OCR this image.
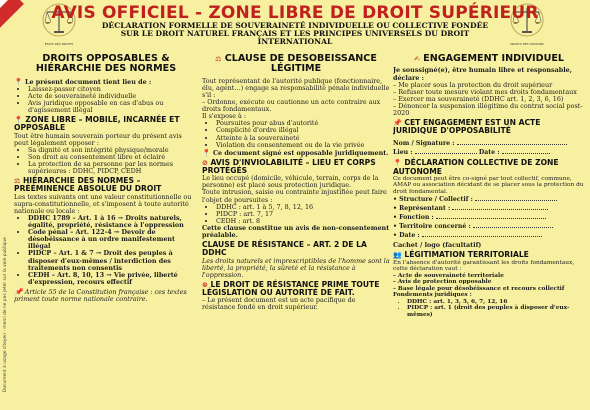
ÉTATS DES DROITS	DROITS DES HUMAINS
Document à usage citoyen - merci de ne pas jeter sur la voie publique
AVIS OFFICIEL - ZONE LIBRE DE DROIT SUPÉRIEUR
DÉCLARATION FORMELLE DE SOUVERAINETÉ INDIVIDUELLE OU COLLECTIVE FONDÉE SUR LE DROIT NATUREL FRANÇAIS ET LES PRINCIPES UNIVERSELS DU DROIT INTERNATIONAL
DROITS OPPOSABLES & HIÉRARCHIE DES NORMES

📍 Le présent document tient lieu de :

• Laissez-passer citoyen
• Acte de souveraineté individuelle
• Avis juridique opposable en cas d'abus ou d'agissement illégal
📍 ZONE LIBRE – MOBILE, INCARNÉE ET OPPOSABLE

Tout être humain souverain porteur du présent avis peut légalement opposer :

• Sa dignité et son intégrité physique/morale
• Son droit au consentement libre et éclairé
• La protection de sa personne par les normes supérieures : DDHC, PIDCP, CEDH
⚖ HIÉRARCHIE DES NORMES – PRÉÉMINENCE ABSOLUE DU DROIT

Les textes suivants ont une valeur constitutionnelle ou supra-constitutionnelle, et s'imposent à toute autorité nationale ou locale :

• DDHC 1789 – Art. 1 à 16 → Droits naturels, égalité, propriété, résistance à l'oppression
• Code pénal – Art. 122-4 → Devoir de désobéissance à un ordre manifestement illégal
• PIDCP – Art. 1 & 7 → Droit des peuples à disposer d'eux-mêmes / interdiction des traitements non consentis
• CEDH – Art. 8, 10, 13 → Vie privée, liberté d'expression, recours effectif

📌 Article 55 de la Constitution française : ces textes priment toute norme nationale contraire.

⚖ CLAUSE DE DÉSOBÉISSANCE LÉGITIME

Tout représentant de l'autorité publique (fonctionnaire, élu, agent…) engage sa responsabilité pénale individuelle s'il :

– Ordonne, exécute ou cautionne un acte contraire aux droits fondamentaux.

Il s'expose à :

• Poursuites pour abus d'autorité
• Complicité d'ordre illégal
• Atteinte à la souveraineté
• Violation du consentement ou de la vie privée

📍 Ce document signé est opposable juridiquement.

⊘ AVIS D'INVIOLABILITÉ – LIEU ET CORPS PROTÉGÉS

Le lieu occupé (domicile, véhicule, terrain, corps de la personne) est placé sous protection juridique.

Toute intrusion, saisie ou contrainte injustifiée peut faire l'objet de poursuites :

• DDHC : art. 1 à 5, 7, 8, 12, 16
• PIDCP : art. 7, 17
• CEDH : art. 8

Cette clause constitue un avis de non-consentement préalable.

CLAUSE DE RÉSISTANCE – ART. 2 DE LA DDHC

Les droits naturels et imprescriptibles de l'homme sont la liberté, la propriété, la sûreté et la résistance à l'oppression.

⊛ LE DROIT DE RÉSISTANCE PRIME TOUTE LÉGISLATION OU AUTORITÉ DE FAIT.

– Le présent document est un acte pacifique de résistance fondé en droit supérieur.

✍ ENGAGEMENT INDIVIDUEL

Je soussigné(e), être humain libre et responsable, déclare :

– Me placer sous la protection du droit supérieur

– Refuser toute mesure violant mes droits fondamentaux

– Exercer ma souveraineté (DDHC art. 1, 2, 3, 6, 16)

– Dénoncer la suspension illégitime du contrat social post-2020

📌 CET ENGAGEMENT EST UN ACTE JURIDIQUE D'OPPOSABILITÉ

Nom / Signature :

Lieu :	Date :

📍 DÉCLARATION COLLECTIVE DE ZONE AUTONOME

Ce document peut être co-signé par tout collectif, commune, AMAP ou association décidant de se placer sous la protection du droit fondamental.

• Structure / Collectif :

• Représentant :

• Fonction :

• Territoire concerné :

• Date :

Cachet / logo (facultatif)

👥 LÉGITIMATION TERRITORIALE

En l'absence d'autorité garantissant les droits fondamentaux, cette déclaration vaut :

– Acte de souveraineté territoriale

– Avis de protection opposable

– Base légale pour désobéissance et recours collectif

Fondements juridiques :

• DDHC : art. 1, 3, 5, 6, 7, 12, 16
• PIDCP : art. 1 (droit des peuples à disposer d'eux-mêmes)
